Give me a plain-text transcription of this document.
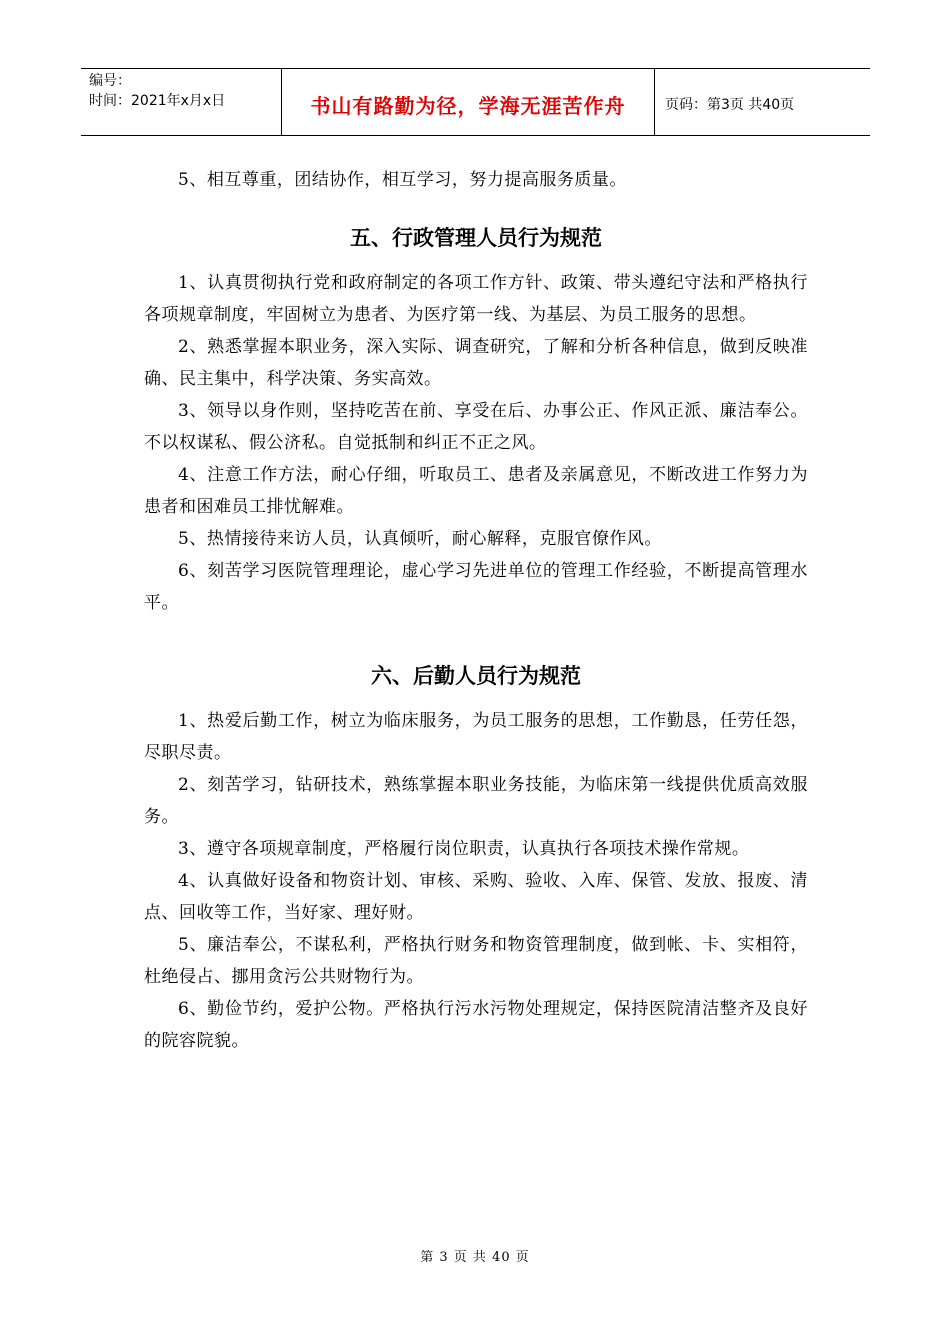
编号：
时间：2021年x月x日	书山有路勤为径，学海无涯苦作舟	页码：第3页 共40页

5、相互尊重，团结协作，相互学习，努力提高服务质量。

五、行政管理人员行为规范

1、认真贯彻执行党和政府制定的各项工作方针、政策、带头遵纪守法和严格执行各项规章制度，牢固树立为患者、为医疗第一线、为基层、为员工服务的思想。

2、熟悉掌握本职业务，深入实际、调查研究，了解和分析各种信息，做到反映准确、民主集中，科学决策、务实高效。

3、领导以身作则，坚持吃苦在前、享受在后、办事公正、作风正派、廉洁奉公。不以权谋私、假公济私。自觉抵制和纠正不正之风。

4、注意工作方法，耐心仔细，听取员工、患者及亲属意见，不断改进工作努力为患者和困难员工排忧解难。

5、热情接待来访人员，认真倾听，耐心解释，克服官僚作风。

6、刻苦学习医院管理理论，虚心学习先进单位的管理工作经验，不断提高管理水平。

六、后勤人员行为规范

1、热爱后勤工作，树立为临床服务，为员工服务的思想，工作勤恳，任劳任怨，尽职尽责。

2、刻苦学习，钻研技术，熟练掌握本职业务技能，为临床第一线提供优质高效服务。

3、遵守各项规章制度，严格履行岗位职责，认真执行各项技术操作常规。

4、认真做好设备和物资计划、审核、采购、验收、入库、保管、发放、报废、清点、回收等工作，当好家、理好财。

5、廉洁奉公，不谋私利，严格执行财务和物资管理制度，做到帐、卡、实相符，杜绝侵占、挪用贪污公共财物行为。

6、勤俭节约，爱护公物。严格执行污水污物处理规定，保持医院清洁整齐及良好的院容院貌。

第 3 页 共 40 页
